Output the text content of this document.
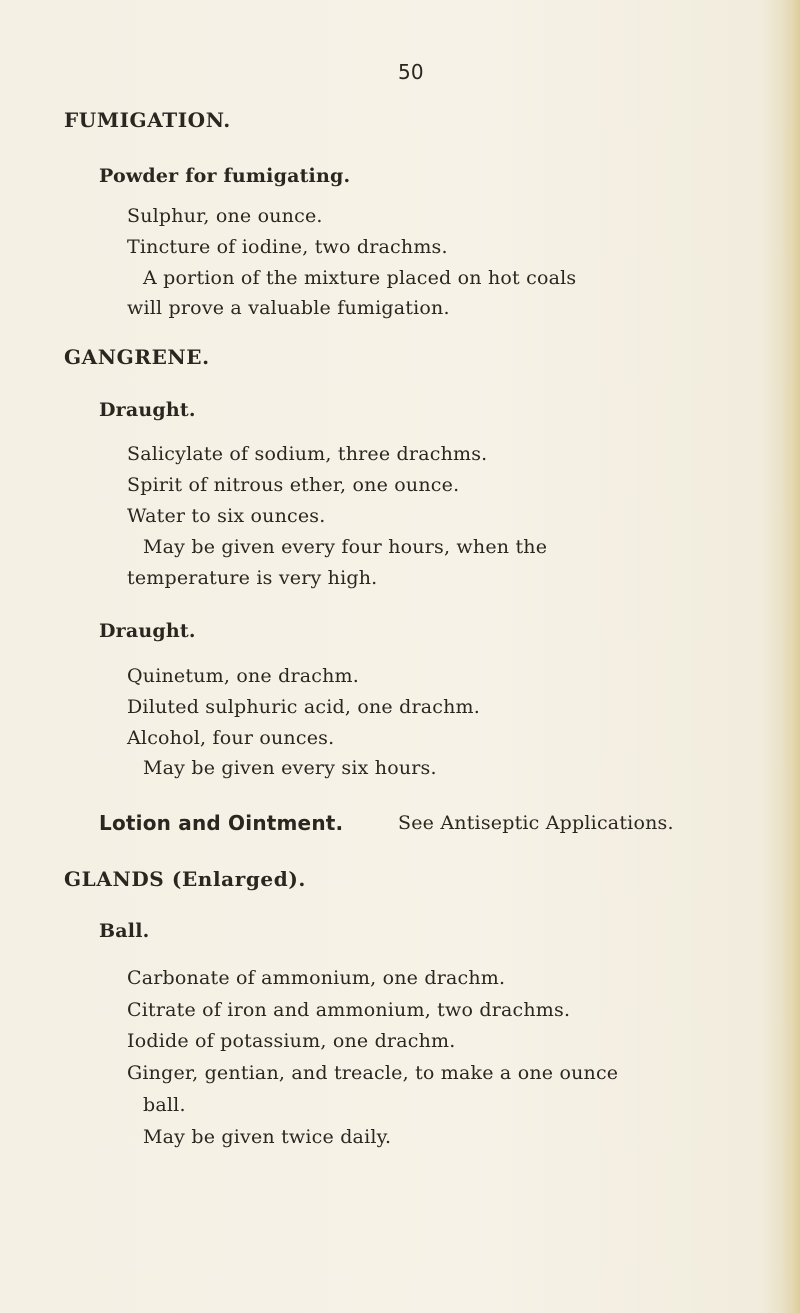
50
FUMIGATION.
Powder for fumigating.
Sulphur, one ounce.
Tincture of iodine, two drachms.
A portion of the mixture placed on hot coals
will prove a valuable fumigation.
GANGRENE.
Draught.
Salicylate of sodium, three drachms.
Spirit of nitrous ether, one ounce.
Water to six ounces.
May be given every four hours, when the
temperature is very high.
Draught.
Quinetum, one drachm.
Diluted sulphuric acid, one drachm.
Alcohol, four ounces.
May be given every six hours.
Lotion and Ointment.	See Antiseptic Applications.
GLANDS (Enlarged).
Ball.
Carbonate of ammonium, one drachm.
Citrate of iron and ammonium, two drachms.
Iodide of potassium, one drachm.
Ginger, gentian, and treacle, to make a one ounce
ball.
May be given twice daily.
